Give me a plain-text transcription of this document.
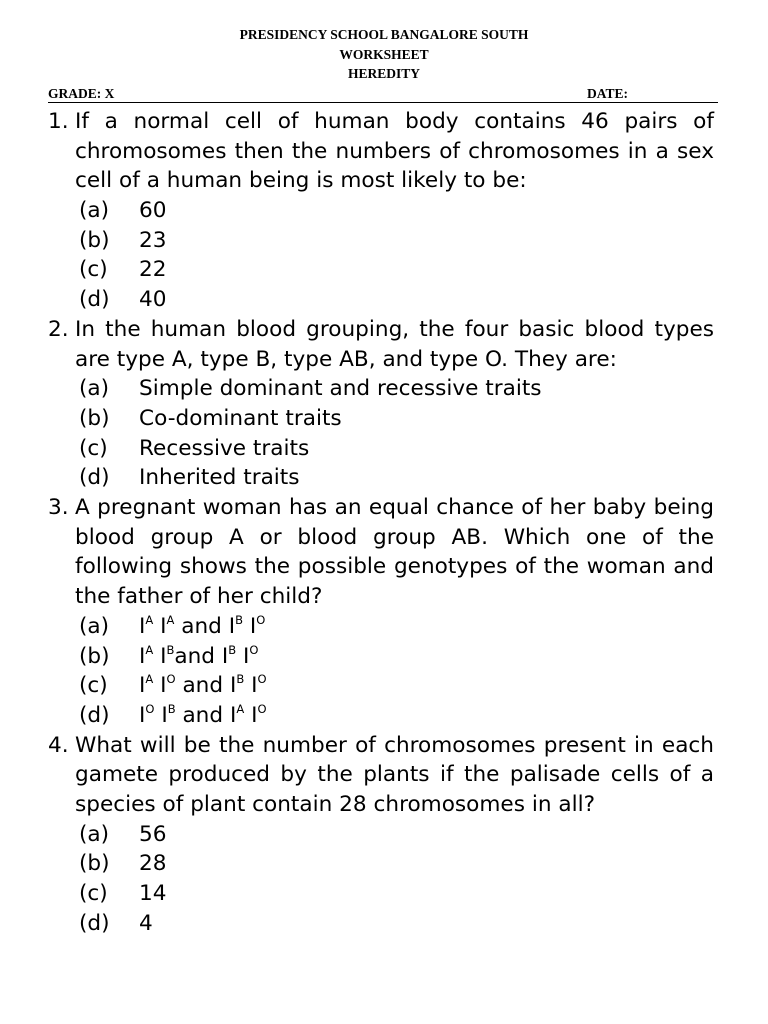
PRESIDENCY SCHOOL BANGALORE SOUTH
WORKSHEET
HEREDITY
GRADE: X	DATE:
1. If a normal cell of human body contains 46 pairs of chromosomes then the numbers of chromosomes in a sex cell of a human being is most likely to be:
(a) 60
(b) 23
(c) 22
(d) 40
2. In the human blood grouping, the four basic blood types are type A, type B, type AB, and type O. They are:
(a) Simple dominant and recessive traits
(b) Co-dominant traits
(c) Recessive traits
(d) Inherited traits
3. A pregnant woman has an equal chance of her baby being blood group A or blood group AB. Which one of the following shows the possible genotypes of the woman and the father of her child?
(a) $I^A$ $I^A$ and $I^B$ $I^O$
(b) $I^A$ $I^Band$ $I^B$ $I^O$
(c) $I^A$ $I^O$ and $I^B$ $I^O$
(d) $I^O$ $I^B$ and $I^A$ $I^O$
4. What will be the number of chromosomes present in each gamete produced by the plants if the palisade cells of a species of plant contain 28 chromosomes in all?
(a) 56
(b) 28
(c) 14
(d) 4
